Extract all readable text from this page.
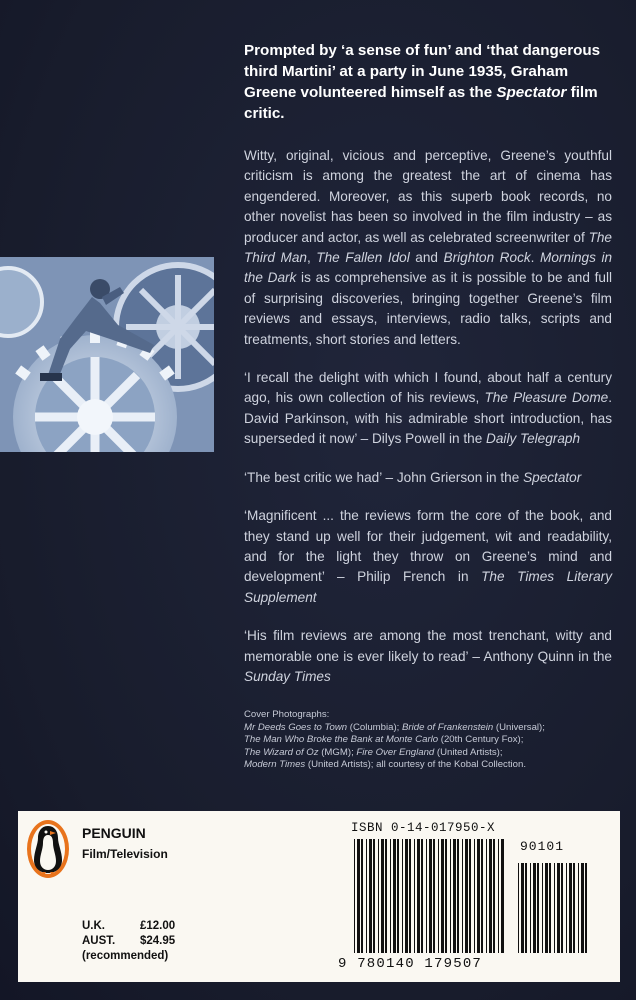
Prompted by ‘a sense of fun’ and ‘that dangerous third Martini’ at a party in June 1935, Graham Greene volunteered himself as the Spectator film critic.

Witty, original, vicious and perceptive, Greene’s youthful criticism is among the greatest the art of cinema has engendered. Moreover, as this superb book records, no other novelist has been so involved in the film industry – as producer and actor, as well as celebrated screenwriter of The Third Man, The Fallen Idol and Brighton Rock. Mornings in the Dark is as comprehensive as it is possible to be and full of surprising discoveries, bringing together Greene’s film reviews and essays, interviews, radio talks, scripts and treatments, short stories and letters.

‘I recall the delight with which I found, about half a century ago, his own collection of his reviews, The Pleasure Dome. David Parkinson, with his admirable short introduction, has superseded it now’ – Dilys Powell in the Daily Telegraph

‘The best critic we had’ – John Grierson in the Spectator

‘Magnificent ... the reviews form the core of the book, and they stand up well for their judgement, wit and readability, and for the light they throw on Greene’s mind and development’ – Philip French in The Times Literary Supplement

‘His film reviews are among the most trenchant, witty and memorable one is ever likely to read’ – Anthony Quinn in the Sunday Times

Cover Photographs:
Mr Deeds Goes to Town (Columbia); Bride of Frankenstein (Universal);
The Man Who Broke the Bank at Monte Carlo (20th Century Fox);
The Wizard of Oz (MGM); Fire Over England (United Artists);
Modern Times (United Artists); all courtesy of the Kobal Collection.
PENGUIN
Film/Television
U.K.	£12.00
AUST.	$24.95
(recommended)
ISBN 0-14-017950-X
90101
9 780140 179507
